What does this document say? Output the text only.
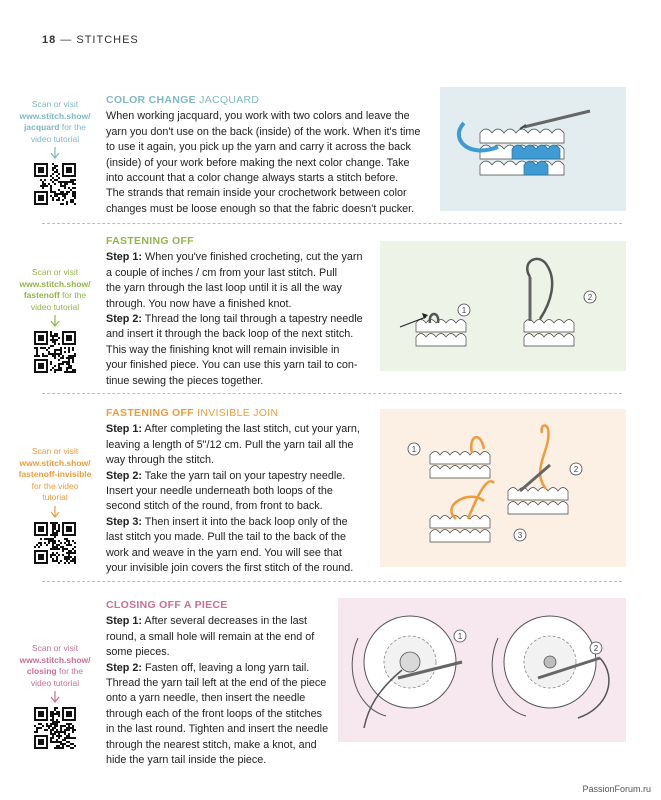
18 — STITCHES
Scan or visit
www.stitch.show/
jacquard for the
video tutorial
COLOR CHANGE JACQUARD

When working jacquard, you work with two colors and leave the
yarn you don't use on the back (inside) of the work. When it's time
to use it again, you pick up the yarn and carry it across the back
(inside) of your work before making the next color change. Take
into account that a color change always starts a stitch before.
The strands that remain inside your crochetwork between color
changes must be loose enough so that the fabric doesn't pucker.

Scan or visit
www.stitch.show/
fastenoff for the
video tutorial
FASTENING OFF

Step 1: When you've finished crocheting, cut the yarn
a couple of inches / cm from your last stitch. Pull
the yarn through the last loop until it is all the way
through. You now have a finished knot.

Step 2: Thread the long tail through a tapestry needle
and insert it through the back loop of the next stitch.
This way the finishing knot will remain invisible in
your finished piece. You can use this yarn tail to con-
tinue sewing the pieces together.

1
2
Scan or visit
www.stitch.show/
fastenoff-invisible
for the video
tutorial
FASTENING OFF INVISIBLE JOIN

Step 1: After completing the last stitch, cut your yarn,
leaving a length of 5"/12 cm. Pull the yarn tail all the
way through the stitch.

Step 2: Take the yarn tail on your tapestry needle.
Insert your needle underneath both loops of the
second stitch of the round, from front to back.

Step 3: Then insert it into the back loop only of the
last stitch you made. Pull the tail to the back of the
work and weave in the yarn end. You will see that
your invisible join covers the first stitch of the round.

1
2
3
Scan or visit
www.stitch.show/
closing for the
video tutorial
CLOSING OFF A PIECE

Step 1: After several decreases in the last
round, a small hole will remain at the end of
some pieces.

Step 2: Fasten off, leaving a long yarn tail.
Thread the yarn tail left at the end of the piece
onto a yarn needle, then insert the needle
through each of the front loops of the stitches
in the last round. Tighten and insert the needle
through the nearest stitch, make a knot, and
hide the yarn tail inside the piece.

1
2
PassionForum.ru
